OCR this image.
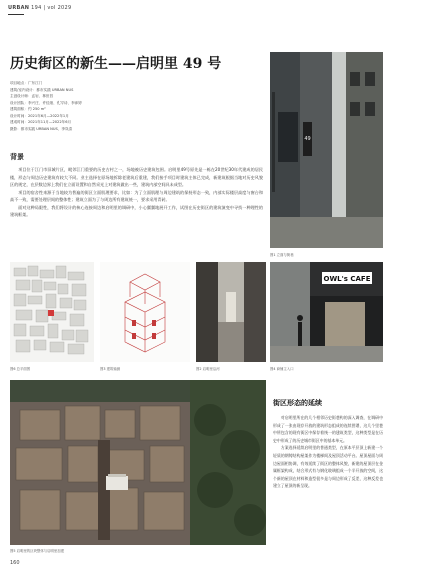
URBAN 194 | vol 2029
历史街区的新生——启明里 49 号
项目地点：广东江门
建筑/室内设计：都市实践 URBAN NUS
主创设计师：孟岩、林世昌
设计团队：李兴庄、许佳绪、孔岑诗、李沛婷
建筑面积：约 250 m²
设计时间：2021年6月—2022年1月
建成时间：2021年11月—2022年6月
摄影：都市实践 URBAN NUS、李岚清
背景

项目位于江门市旧城片区，毗邻江门重要的历史古村之一，场地被历史建筑包围。启明里49号原先是一栋在20世纪30年代建成的居民楼，形态与周边历史建筑有较大不同。业主选择在原场地拆除老建筑后重建，我们接手项目时建筑主体已完成，新建筑根据当地对历史风貌区的规定，在层数边界上我们在立面设置和自然采光上对建筑做出一些，建筑内部空间具未成型。

项目的宿舍性来源于当地较为普遍的街区立面肌理要求，比如：为了立面肌理与周边建筑的保持形态一致，内部实际楼层高度与窗台和高不一致，需要处理层间的整体性；建筑立面为了与周边所有建筑统一，要求采用青砖。

面对这种局限性，我们将设计的核心连接周边和启明里的调研中，小心翼翼地展开工作，试图在历史街区的建筑演变中寻找一种理性的建筑框架。

49
图1 立面与街巷
图6 总平面图	图3 建筑轴测	图2 启明里沿河
OWL's CAFE
图4 商铺主入口
图5 启明里的区块整体与启明里加建
街区形态的延续

对启明里所在的几个相邻历史街巷构的深入调查，在调研中形成了一张由现存开放的建筑形态组成的连续图谱，这几个里巷中所包含的现有街区中保存着统一的建筑类型，这种类型是在历史中形成了的历史城市街区中的基本单元。

方案选择延续启明里的普通类型，在原本平层顶上新建一个轻质的钢铸结构屋架作为楼梯间及屋顶活动平台。屋顶屋面与周边屋面相协调，有效延续了街区的整体风貌，新建的屋顶层在金属框架构成，结合形式有与钢化玻璃组成一个半开放的空间，这个新的屋顶在材料和造型很多是与周边形成了反差，这种反差也建立了屋顶的新呈现。

160
